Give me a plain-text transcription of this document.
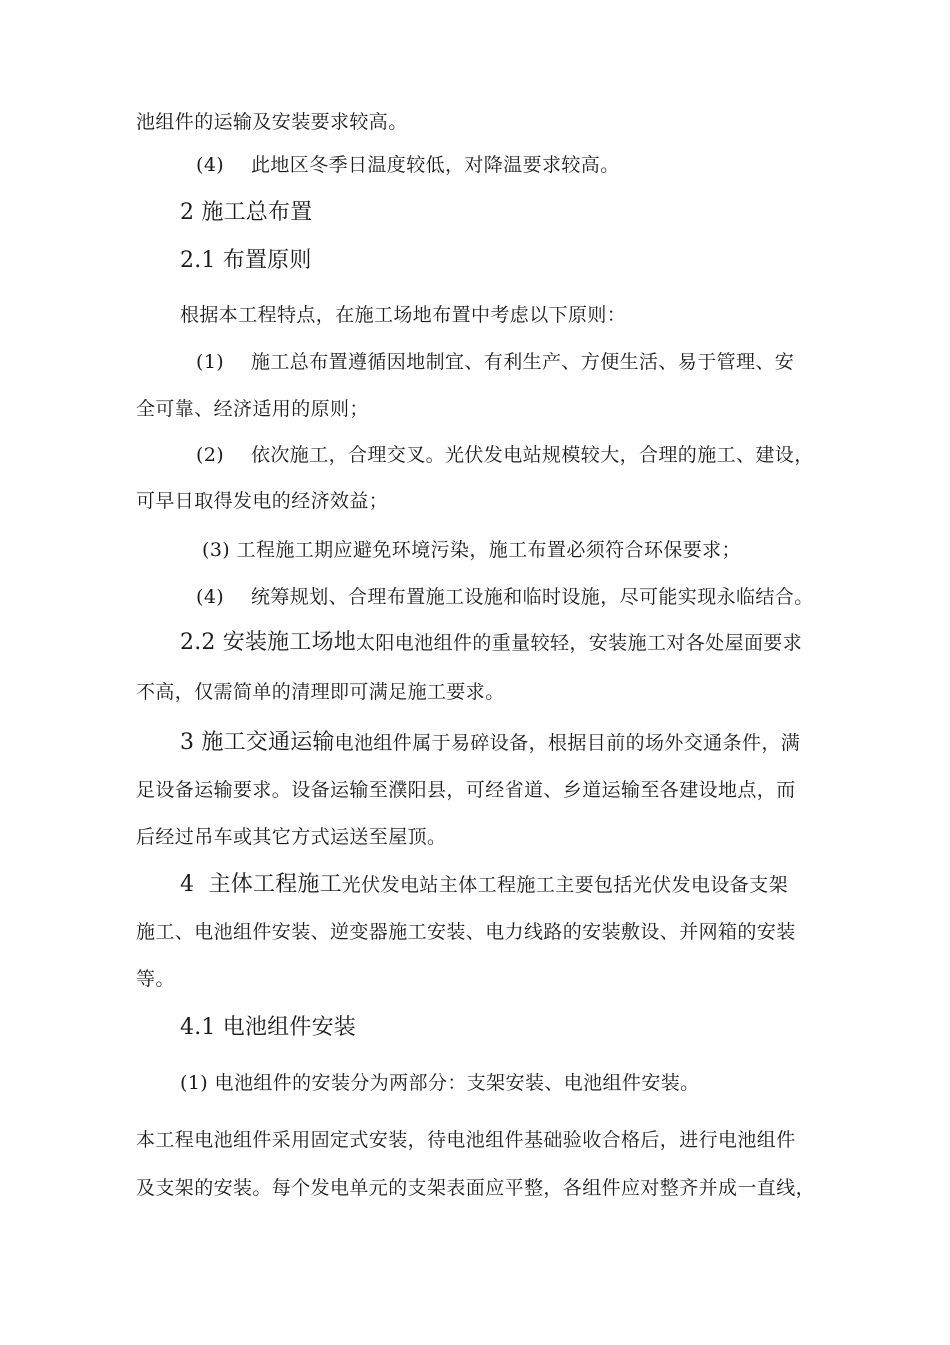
池组件的运输及安装要求较高。
(4) 此地区冬季日温度较低，对降温要求较高。
2 施工总布置
2.1 布置原则
根据本工程特点，在施工场地布置中考虑以下原则：
(1) 施工总布置遵循因地制宜、有利生产、方便生活、易于管理、安
全可靠、经济适用的原则；
(2) 依次施工，合理交叉。光伏发电站规模较大，合理的施工、建设，
可早日取得发电的经济效益；
(3) 工程施工期应避免环境污染，施工布置必须符合环保要求；
(4) 统筹规划、合理布置施工设施和临时设施，尽可能实现永临结合。
2.2 安装施工场地太阳电池组件的重量较轻，安装施工对各处屋面要求
不高，仅需简单的清理即可满足施工要求。
3 施工交通运输电池组件属于易碎设备，根据目前的场外交通条件，满
足设备运输要求。设备运输至濮阳县，可经省道、乡道运输至各建设地点，而
后经过吊车或其它方式运送至屋顶。
4  主体工程施工光伏发电站主体工程施工主要包括光伏发电设备支架
施工、电池组件安装、逆变器施工安装、电力线路的安装敷设、并网箱的安装
等。
4.1 电池组件安装
(1) 电池组件的安装分为两部分：支架安装、电池组件安装。
本工程电池组件采用固定式安装，待电池组件基础验收合格后，进行电池组件
及支架的安装。每个发电单元的支架表面应平整，各组件应对整齐并成一直线，
